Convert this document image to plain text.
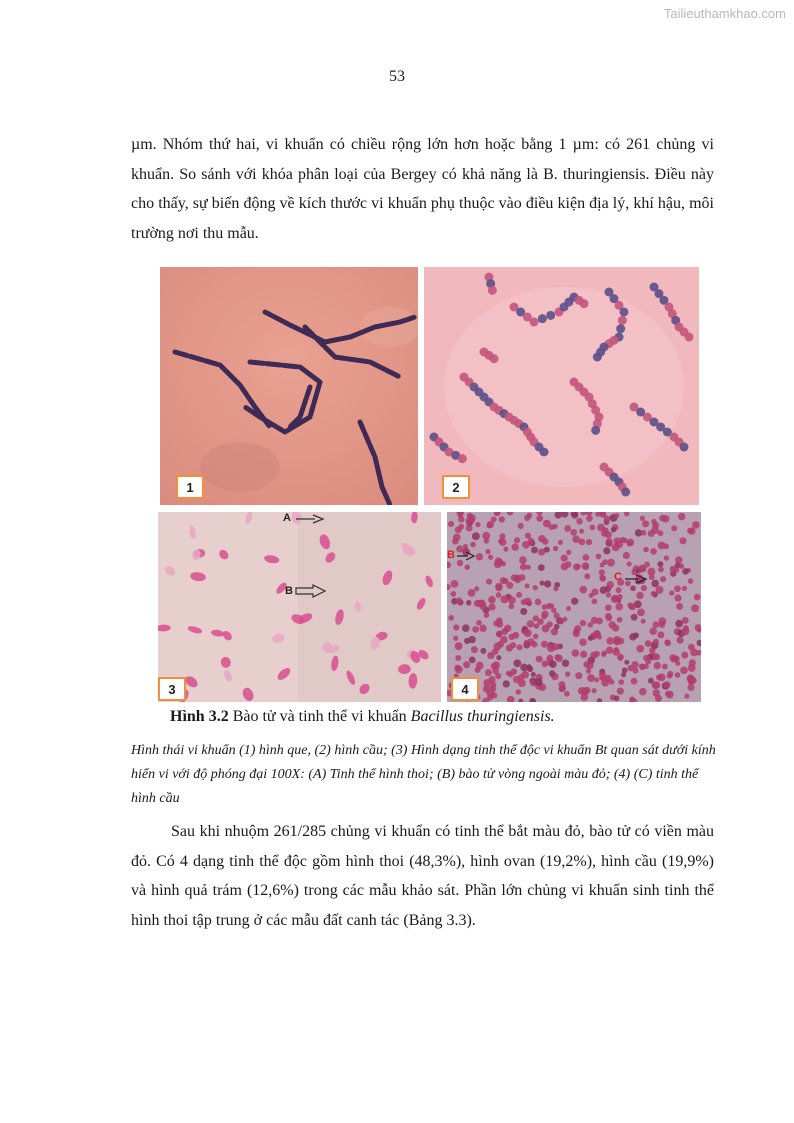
Tailieuthamkhao.com
53

µm. Nhóm thứ hai, vi khuẩn có chiều rộng lớn hơn hoặc bằng 1 µm: có 261 chủng vi khuẩn. So sánh với khóa phân loại của Bergey có khả năng là B. thuringiensis. Điều này cho thấy, sự biến động về kích thước vi khuẩn phụ thuộc vào điều kiện địa lý, khí hậu, môi trường nơi thu mẫu.

1	2
A
B
3
B
C
4
Hình 3.2 Bào tử và tinh thể vi khuẩn Bacillus thuringiensis.

Hình thái vi khuẩn (1) hình que, (2) hình cầu; (3) Hình dạng tinh thể độc vi khuẩn Bt quan sát dưới kính hiển vi với độ phóng đại 100X: (A) Tinh thể hình thoi; (B) bào tử vòng ngoài màu đỏ; (4) (C) tinh thể hình cầu

Sau khi nhuộm 261/285 chủng vi khuẩn có tinh thể bắt màu đỏ, bào tử có viền màu đỏ. Có 4 dạng tinh thể độc gồm hình thoi (48,3%), hình ovan (19,2%), hình cầu (19,9%) và hình quả trám (12,6%) trong các mẫu khảo sát. Phần lớn chủng vi khuẩn sinh tinh thể hình thoi tập trung ở các mẫu đất canh tác (Bảng 3.3).
